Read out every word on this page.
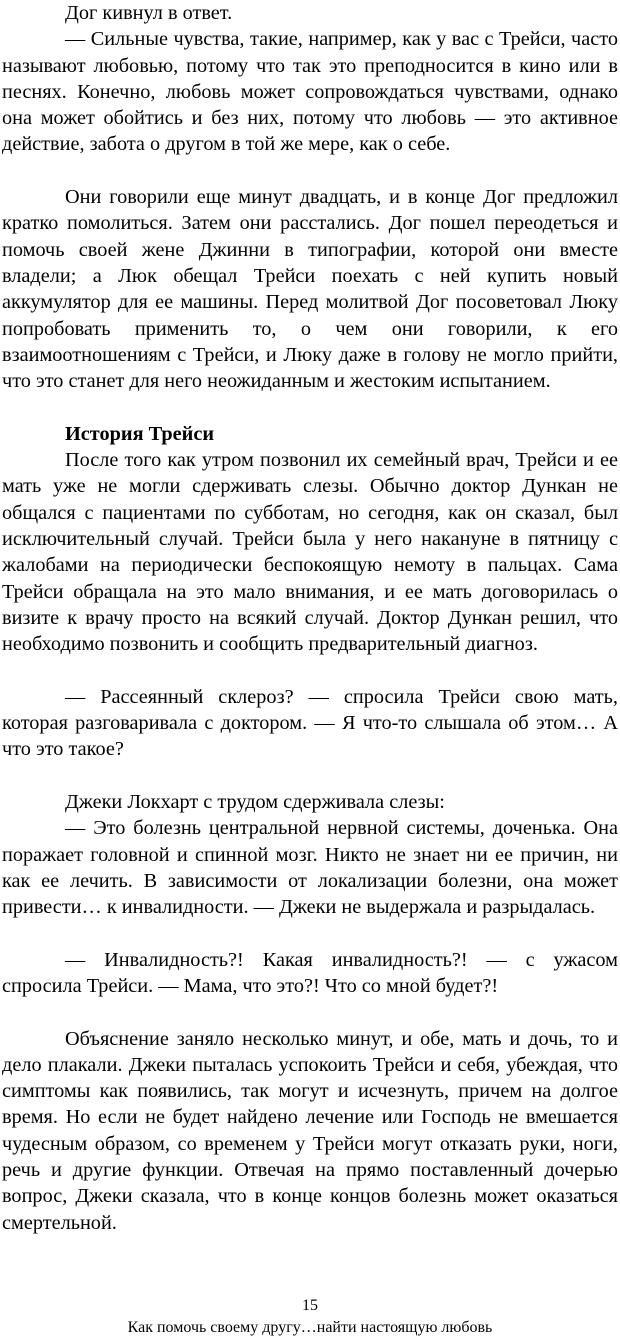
Дог кивнул в ответ.

— Сильные чувства, такие, например, как у вас с Трейси, часто называют любовью, потому что так это преподносится в кино или в песнях. Конечно, любовь может сопровождаться чувствами, однако она может обойтись и без них, потому что любовь — это активное действие, забота о другом в той же мере, как о себе.

Они говорили еще минут двадцать, и в конце Дог предложил кратко помолиться. Затем они расстались. Дог пошел переодеться и помочь своей жене Джинни в типографии, которой они вместе владели; а Люк обещал Трейси поехать с ней купить новый аккумулятор для ее машины. Перед молитвой Дог посоветовал Люку попробовать применить то, о чем они говорили, к его взаимоотношениям с Трейси, и Люку даже в голову не могло прийти, что это станет для него неожиданным и жестоким испытанием.

История Трейси

После того как утром позвонил их семейный врач, Трейси и ее мать уже не могли сдерживать слезы. Обычно доктор Дункан не общался с пациентами по субботам, но сегодня, как он сказал, был исключительный случай. Трейси была у него накануне в пятницу с жалобами на периодически беспокоящую немоту в пальцах. Сама Трейси обращала на это мало внимания, и ее мать договорилась о визите к врачу просто на всякий случай. Доктор Дункан решил, что необходимо позвонить и сообщить предварительный диагноз.

— Рассеянный склероз? — спросила Трейси свою мать, которая разговаривала с доктором. — Я что-то слышала об этом… А что это такое?

Джеки Локхарт с трудом сдерживала слезы:

— Это болезнь центральной нервной системы, доченька. Она поражает головной и спинной мозг. Никто не знает ни ее причин, ни как ее лечить. В зависимости от локализации болезни, она может привести… к инвалидности. — Джеки не выдержала и разрыдалась.

— Инвалидность?! Какая инвалидность?! — с ужасом спросила Трейси. — Мама, что это?! Что со мной будет?!

Объяснение заняло несколько минут, и обе, мать и дочь, то и дело плакали. Джеки пыталась успокоить Трейси и себя, убеждая, что симптомы как появились, так могут и исчезнуть, причем на долгое время. Но если не будет найдено лечение или Господь не вмешается чудесным образом, со временем у Трейси могут отказать руки, ноги, речь и другие функции. Отвечая на прямо поставленный дочерью вопрос, Джеки сказала, что в конце концов болезнь может оказаться смертельной.

15
Как помочь своему другу…найти настоящую любовь
